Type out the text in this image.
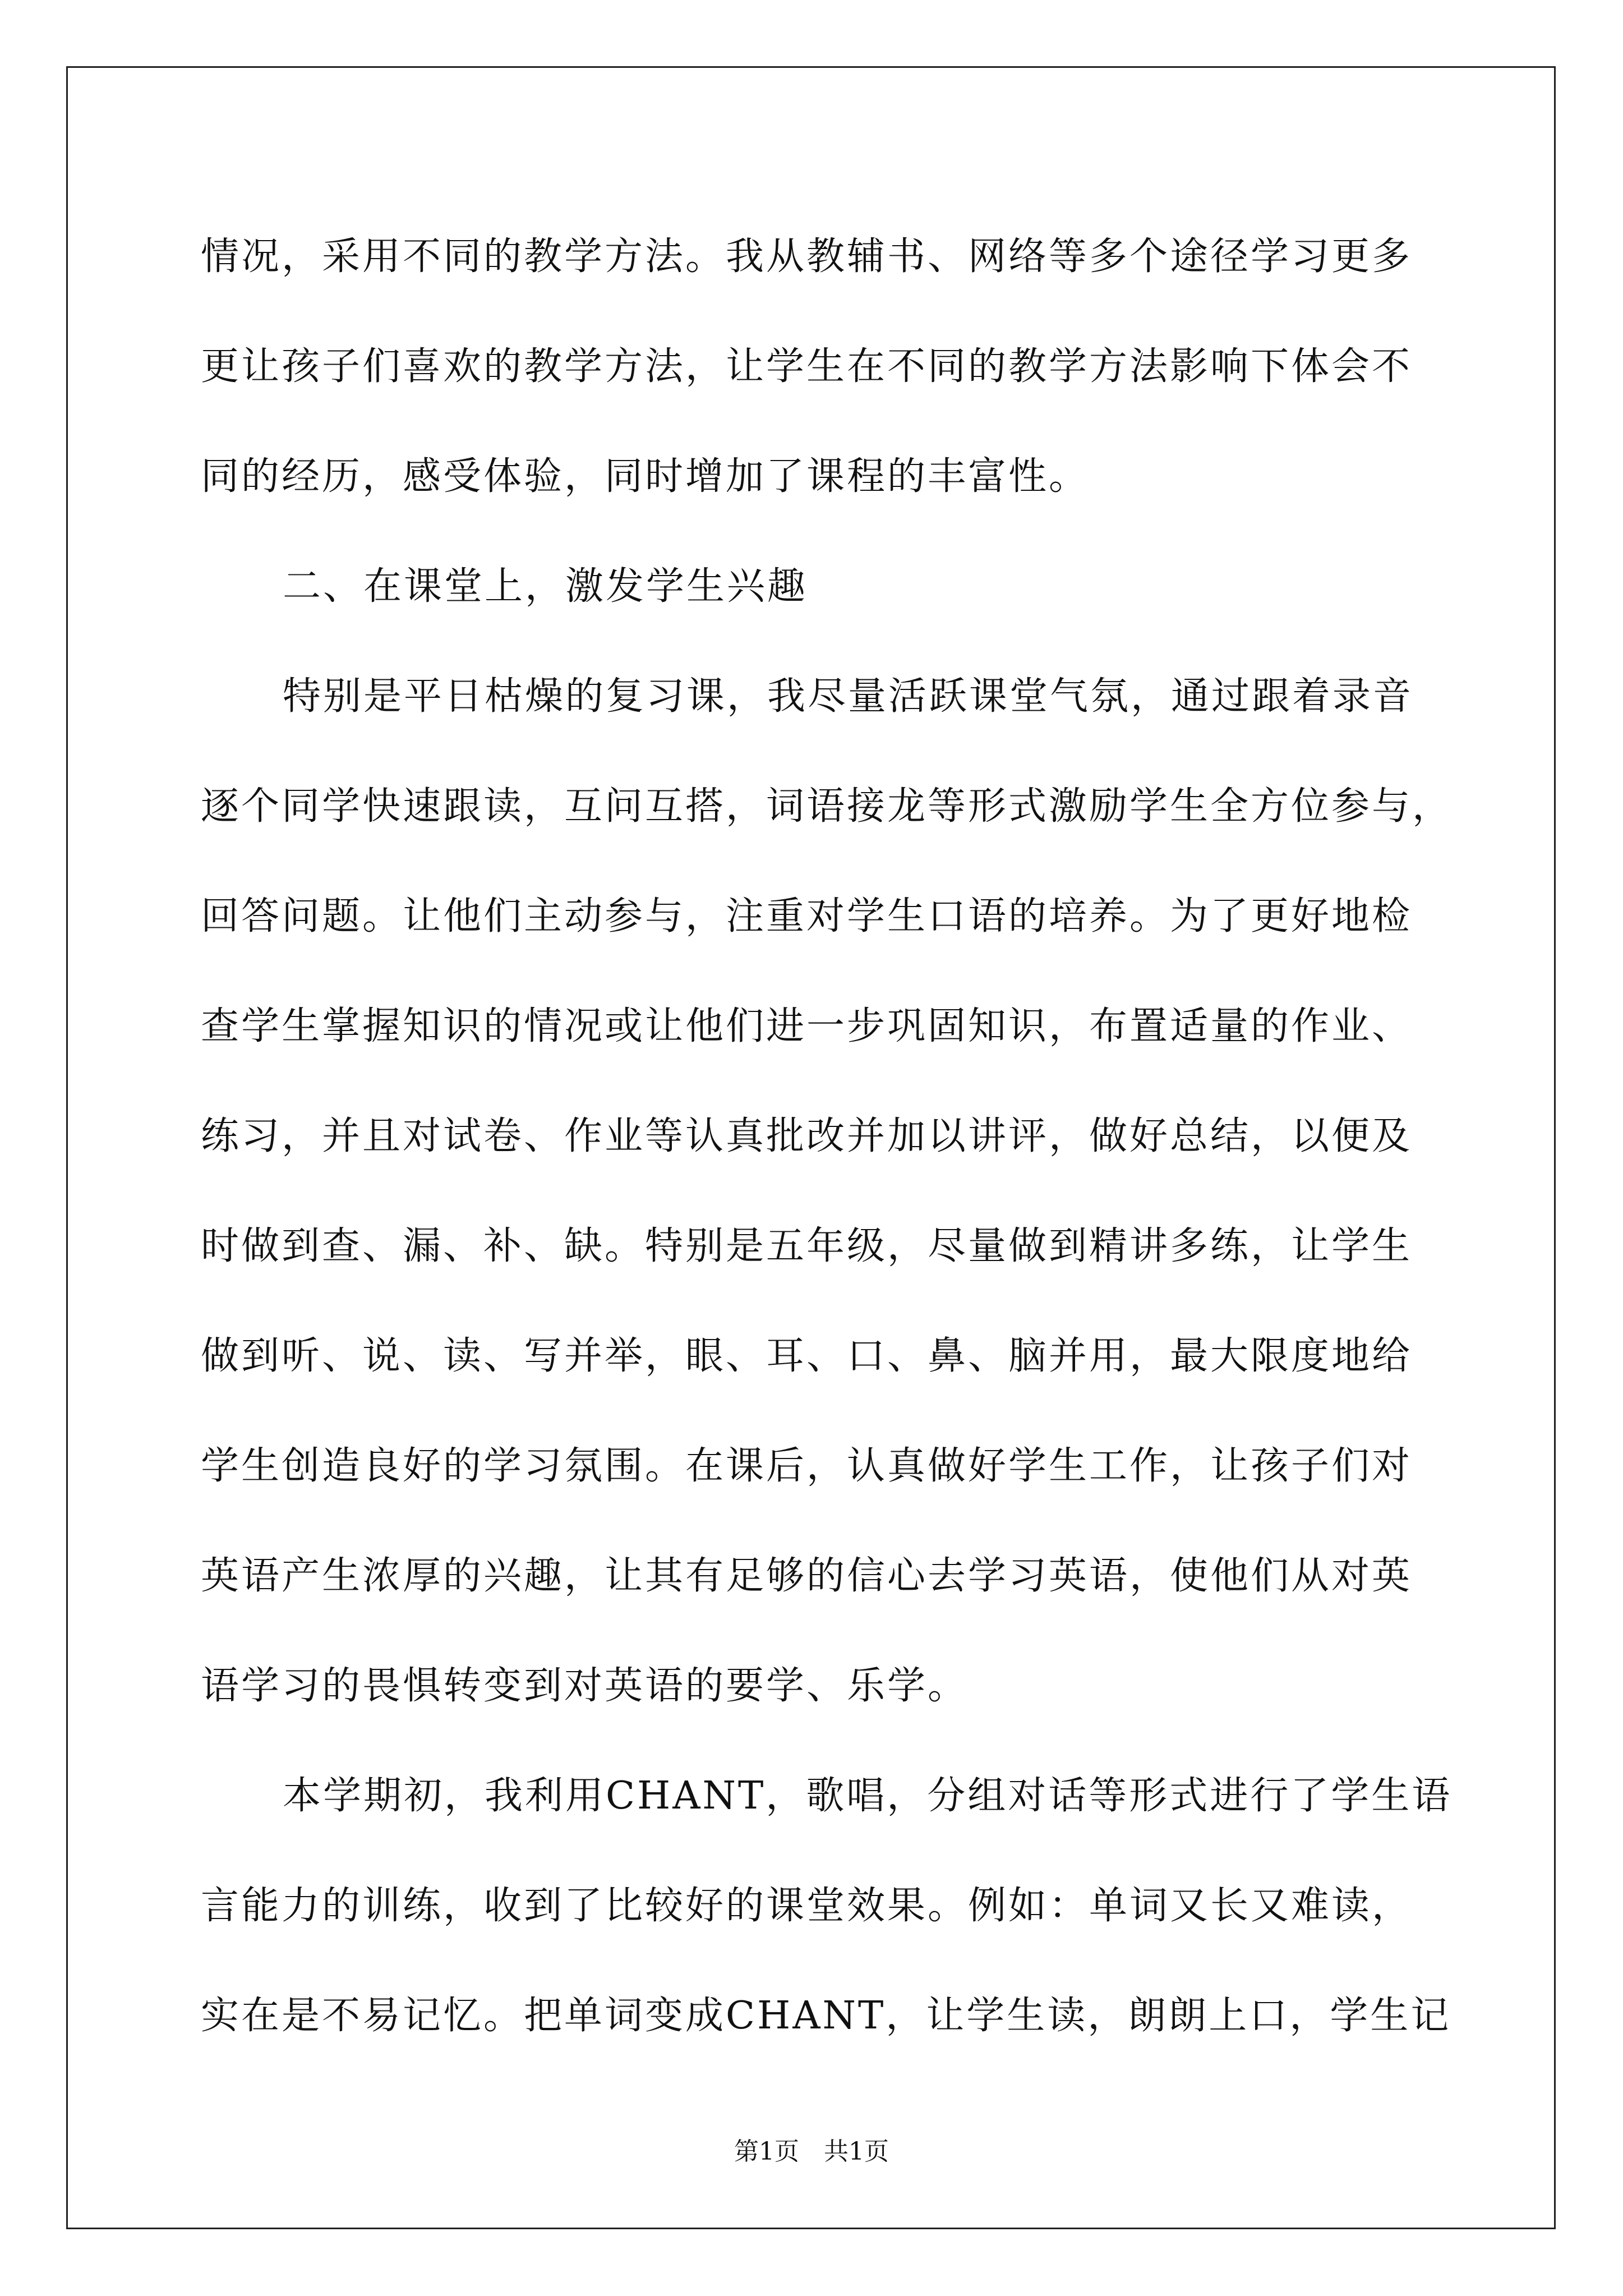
情况，采用不同的教学方法。我从教辅书、网络等多个途径学习更多
更让孩子们喜欢的教学方法，让学生在不同的教学方法影响下体会不
同的经历，感受体验，同时增加了课程的丰富性。
二、在课堂上，激发学生兴趣
特别是平日枯燥的复习课，我尽量活跃课堂气氛，通过跟着录音
逐个同学快速跟读，互问互搭，词语接龙等形式激励学生全方位参与，
回答问题。让他们主动参与，注重对学生口语的培养。为了更好地检
查学生掌握知识的情况或让他们进一步巩固知识，布置适量的作业、
练习，并且对试卷、作业等认真批改并加以讲评，做好总结，以便及
时做到查、漏、补、缺。特别是五年级，尽量做到精讲多练，让学生
做到听、说、读、写并举，眼、耳、口、鼻、脑并用，最大限度地给
学生创造良好的学习氛围。在课后，认真做好学生工作，让孩子们对
英语产生浓厚的兴趣，让其有足够的信心去学习英语，使他们从对英
语学习的畏惧转变到对英语的要学、乐学。
本学期初，我利用CHANT，歌唱，分组对话等形式进行了学生语
言能力的训练，收到了比较好的课堂效果。例如：单词又长又难读，
实在是不易记忆。把单词变成CHANT，让学生读，朗朗上口，学生记
第1页 共1页
